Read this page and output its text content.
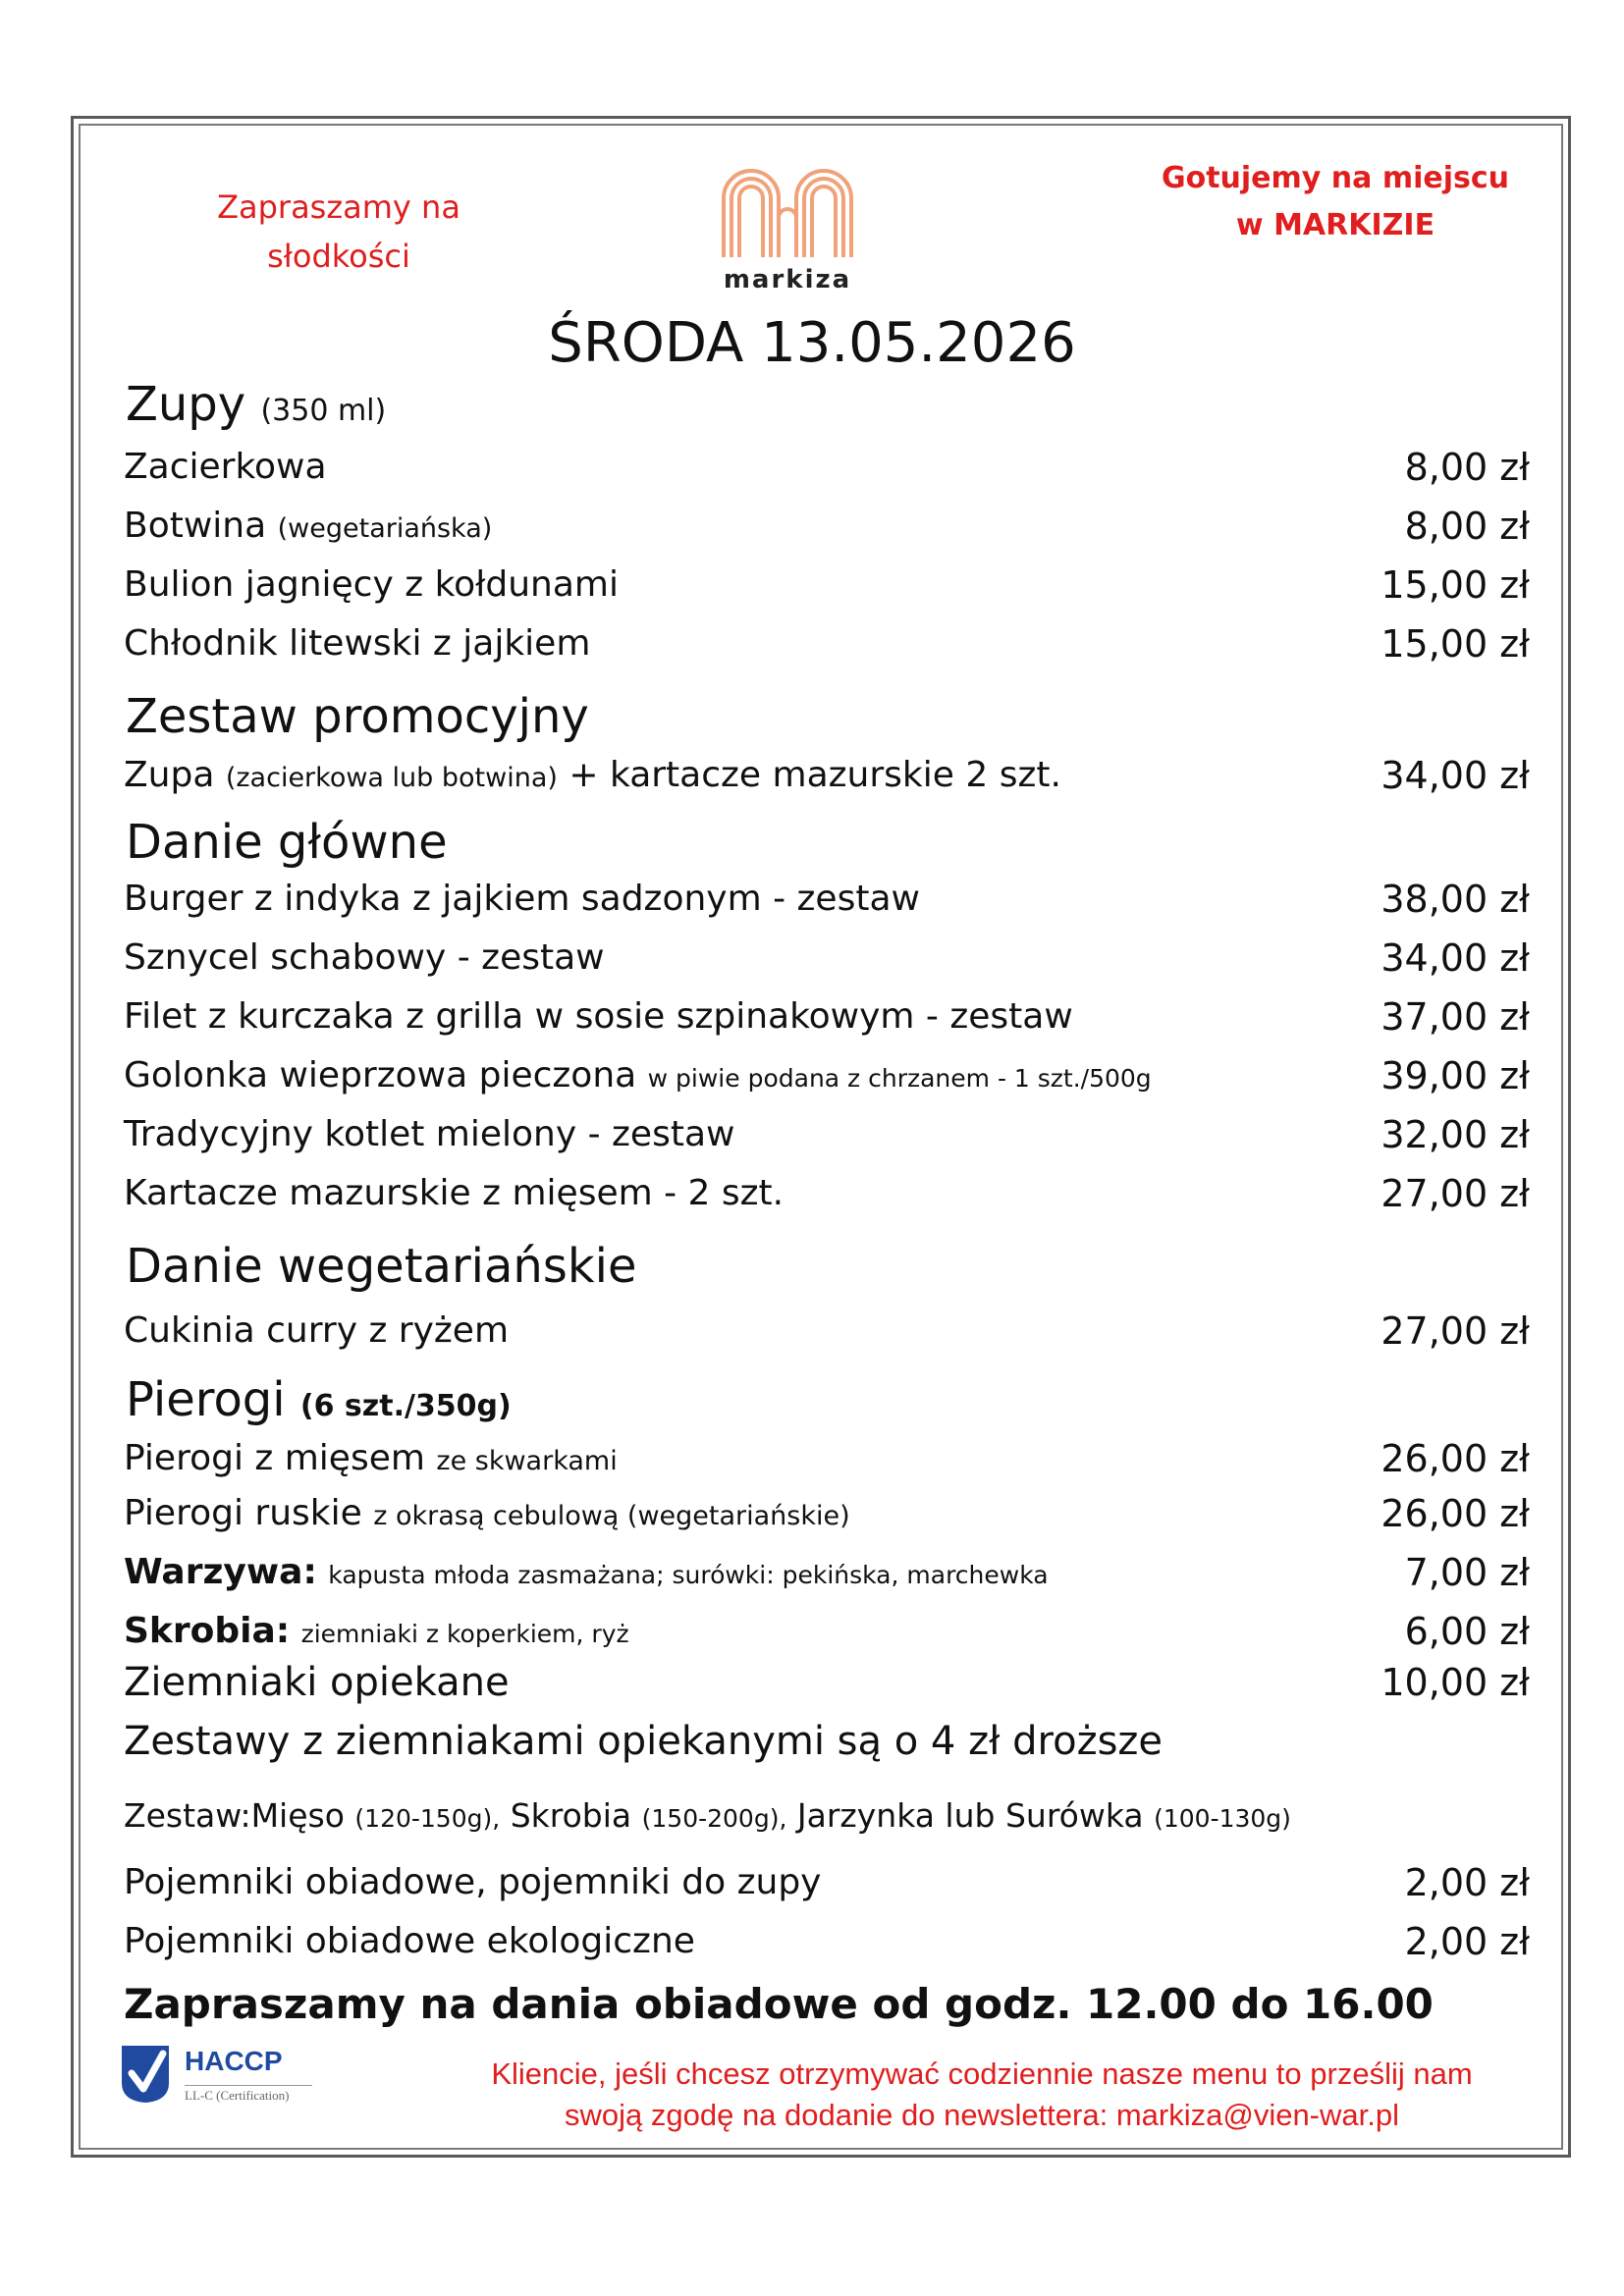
Zapraszamy na słodkości
Gotujemy na miejscu
w MARKIZIE
markiza
ŚRODA 13.05.2026
Zupy (350 ml)
Zacierkowa	8,00 zł
Botwina (wegetariańska)	8,00 zł
Bulion jagnięcy z kołdunami	15,00 zł
Chłodnik litewski z jajkiem	15,00 zł
Zestaw promocyjny
Zupa (zacierkowa lub botwina) + kartacze mazurskie 2 szt.	34,00 zł
Danie główne
Burger z indyka z jajkiem sadzonym - zestaw	38,00 zł
Sznycel schabowy - zestaw	34,00 zł
Filet z kurczaka z grilla w sosie szpinakowym - zestaw	37,00 zł
Golonka wieprzowa pieczona w piwie podana z chrzanem - 1 szt./500g	39,00 zł
Tradycyjny kotlet mielony - zestaw	32,00 zł
Kartacze mazurskie z mięsem - 2 szt.	27,00 zł
Danie wegetariańskie
Cukinia curry z ryżem	27,00 zł
Pierogi (6 szt./350g)
Pierogi z mięsem ze skwarkami	26,00 zł
Pierogi ruskie z okrasą cebulową (wegetariańskie)	26,00 zł
Warzywa: kapusta młoda zasmażana; surówki: pekińska, marchewka	7,00 zł
Skrobia: ziemniaki z koperkiem, ryż	6,00 zł
Ziemniaki opiekane	10,00 zł
Zestawy z ziemniakami opiekanymi są o 4 zł droższe
Zestaw:Mięso (120-150g), Skrobia (150-200g), Jarzynka lub Surówka (100-130g)
Pojemniki obiadowe, pojemniki do zupy	2,00 zł
Pojemniki obiadowe ekologiczne	2,00 zł
Zapraszamy na dania obiadowe od godz. 12.00 do 16.00
HACCP
LL-C (Certification)
Kliencie, jeśli chcesz otrzymywać codziennie nasze menu to prześlij nam
swoją zgodę na dodanie do newslettera: markiza@vien-war.pl
